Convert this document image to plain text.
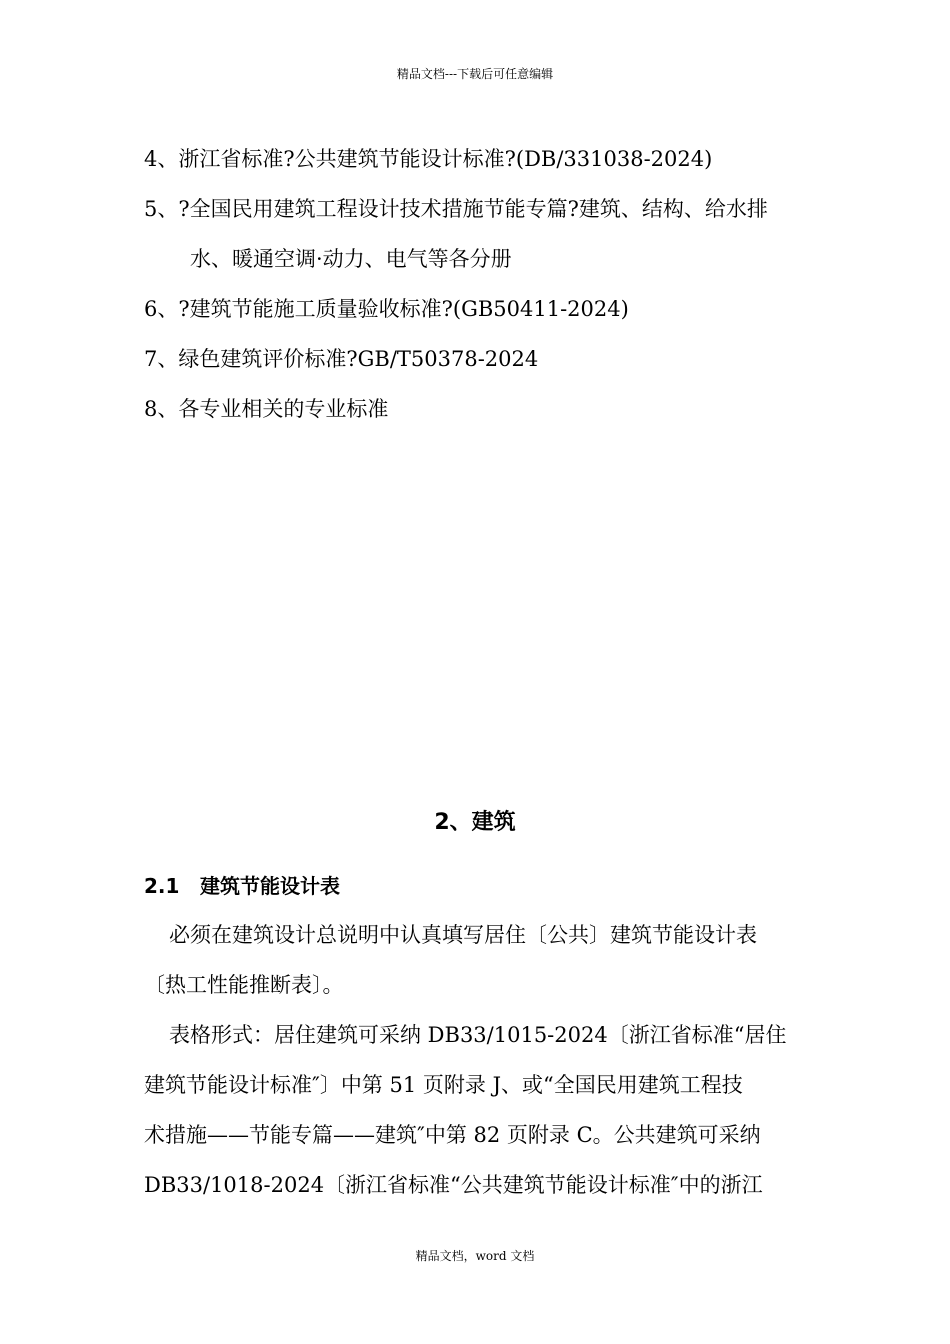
精品文档---下载后可任意编辑
4、浙江省标准?公共建筑节能设计标准?(DB/331038-2024)
5、?全国民用建筑工程设计技术措施节能专篇?建筑、结构、给水排
水、暖通空调·动力、电气等各分册
6、?建筑节能施工质量验收标准?(GB50411-2024)
7、绿色建筑评价标准?GB/T50378-2024
8、各专业相关的专业标准
2、建筑
2.1 建筑节能设计表
必须在建筑设计总说明中认真填写居住〔公共〕建筑节能设计表
〔热工性能推断表〕。
表格形式：居住建筑可采纳 DB33/1015-2024〔浙江省标准“居住
建筑节能设计标准″〕中第 51 页附录 J、或“全国民用建筑工程技
术措施——节能专篇——建筑″中第 82 页附录 C。公共建筑可采纳
DB33/1018-2024〔浙江省标准“公共建筑节能设计标准″中的浙江
精品文档，word 文档
